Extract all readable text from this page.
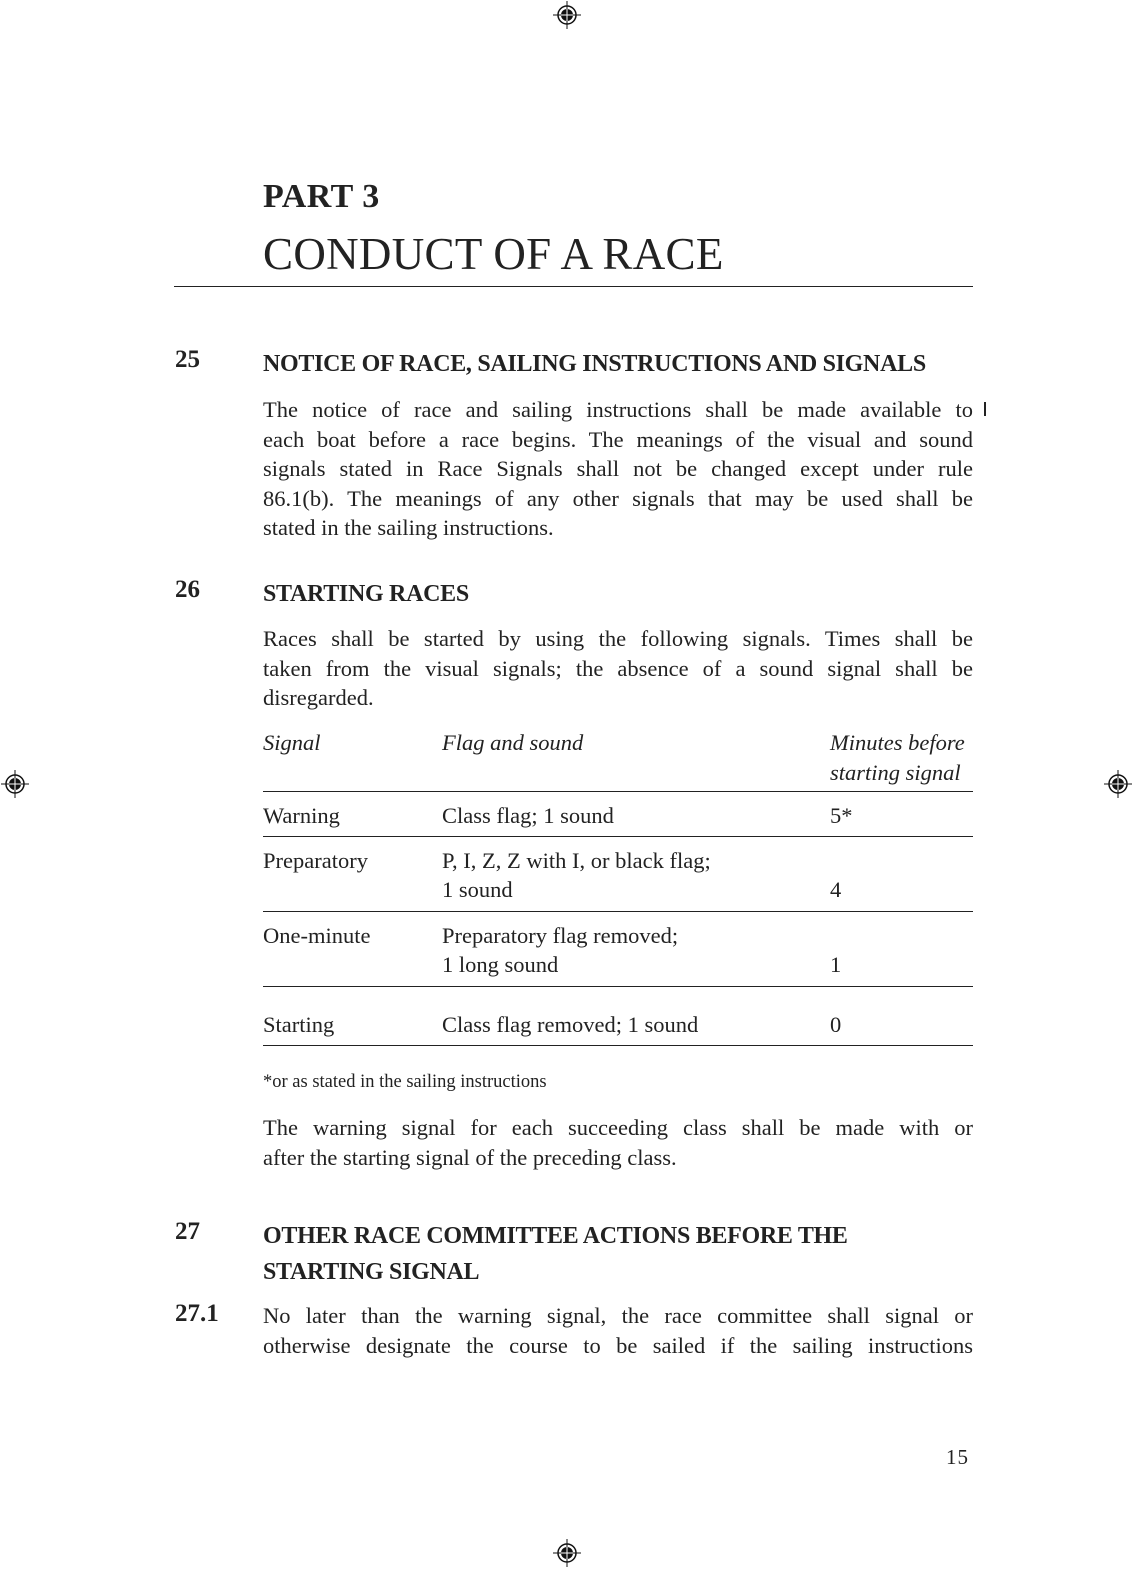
PART 3
CONDUCT OF A RACE
25	NOTICE OF RACE, SAILING INSTRUCTIONS AND SIGNALS

The notice of race and sailing instructions shall be made available to

each boat before a race begins. The meanings of the visual and sound

signals stated in Race Signals shall not be changed except under rule

86.1(b). The meanings of any other signals that may be used shall be

stated in the sailing instructions.

26	STARTING RACES

Races shall be started by using the following signals. Times shall be

taken from the visual signals; the absence of a sound signal shall be

disregarded.

Signal	Flag and sound	Minutes before
starting signal
Warning	Class flag; 1 sound	5*
Preparatory	P, I, Z, Z with I, or black flag;
1 sound	4
One-minute	Preparatory flag removed;
1 long sound	1
Starting	Class flag removed; 1 sound	0
*or as stated in the sailing instructions

The warning signal for each succeeding class shall be made with or

after the starting signal of the preceding class.

27	OTHER RACE COMMITTEE ACTIONS BEFORE THE
STARTING SIGNAL
27.1 No later than the warning signal, the race committee shall signal or

otherwise designate the course to be sailed if the sailing instructions

15
